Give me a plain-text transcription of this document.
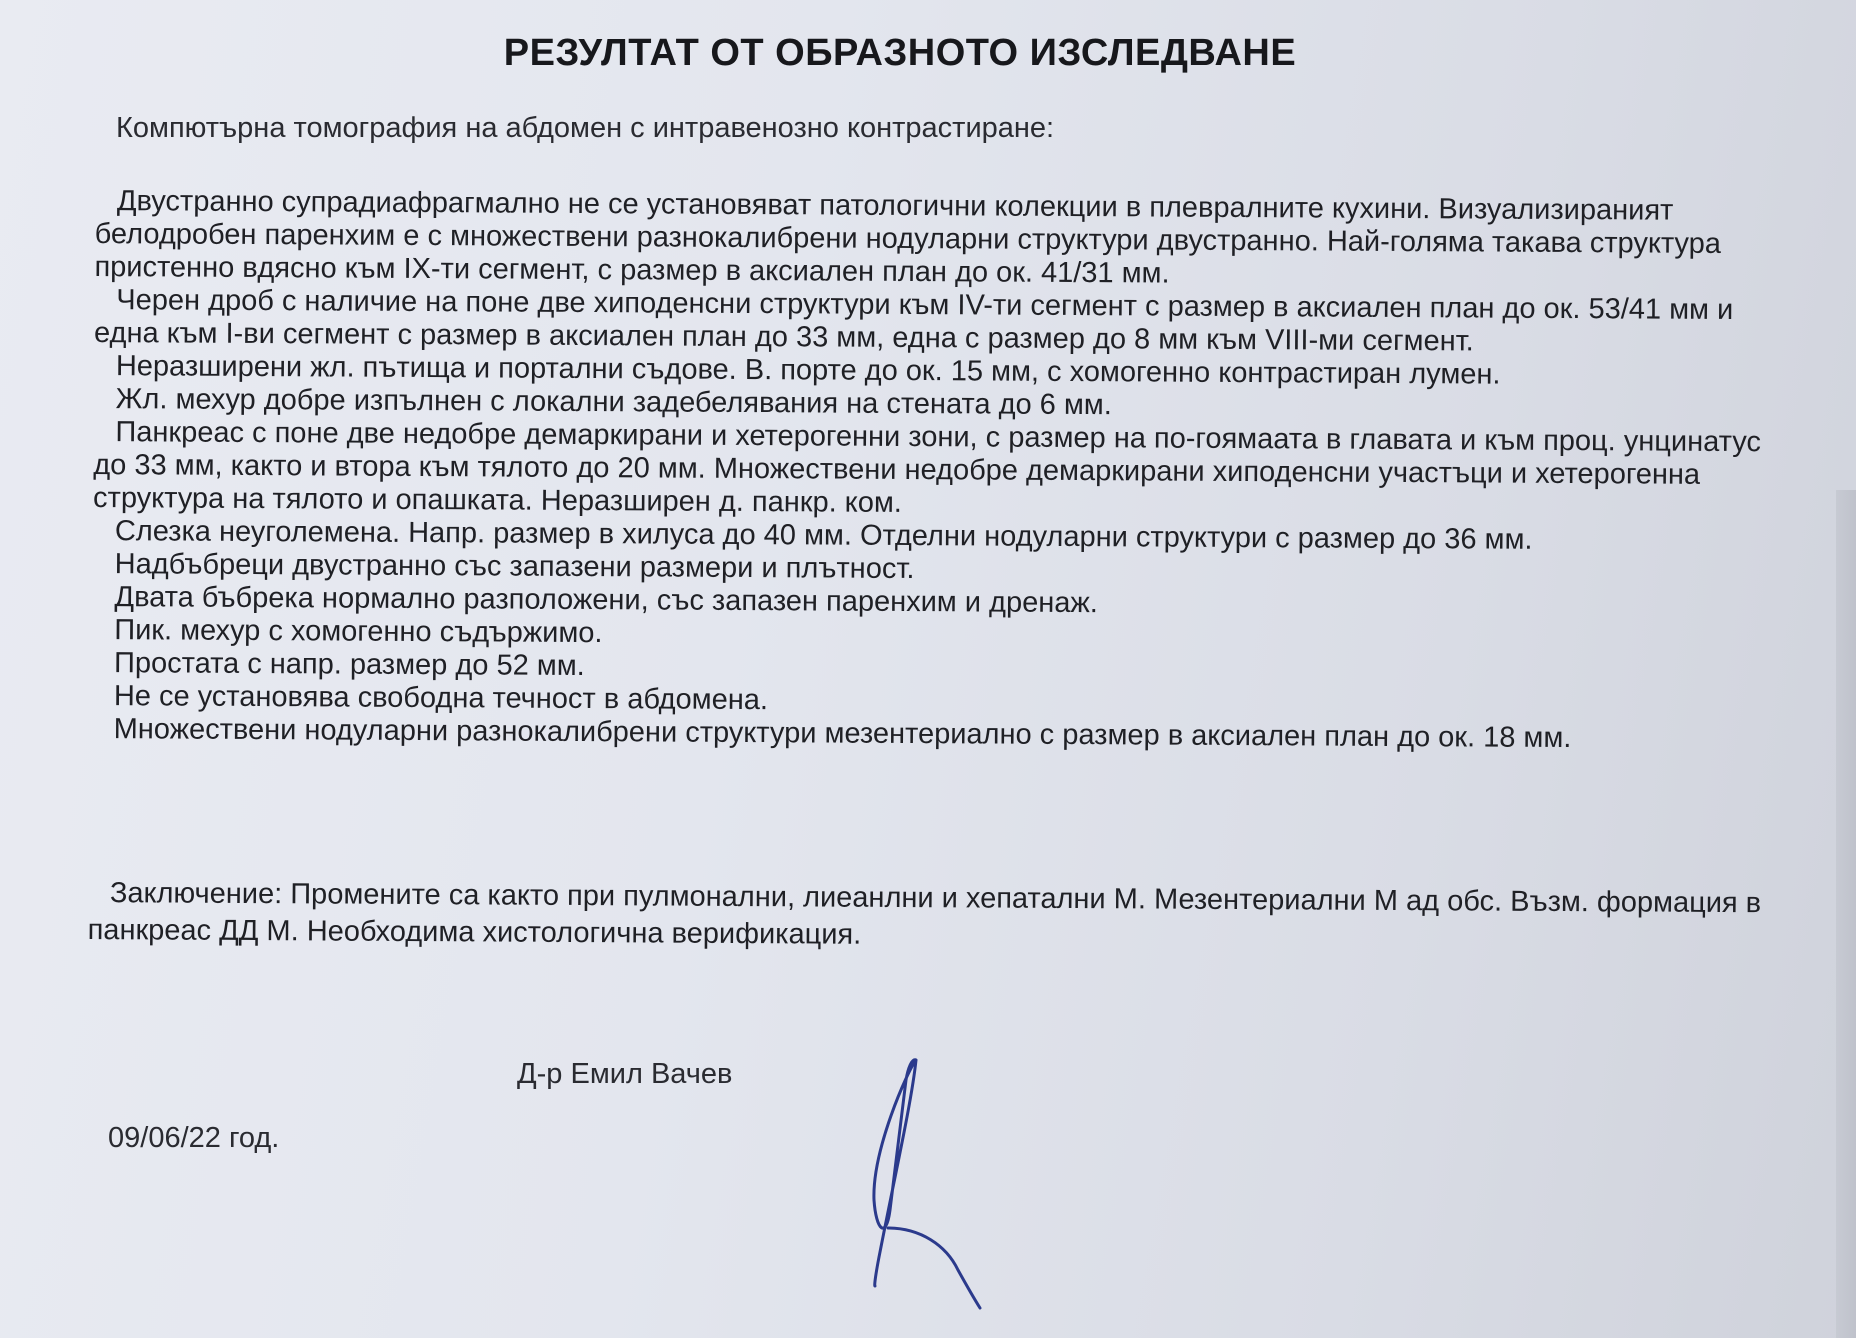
РЕЗУЛТАТ ОТ ОБРАЗНОТО ИЗСЛЕДВАНЕ
Компютърна томография на абдомен с интравенозно контрастиране:

Двустранно супрадиафрагмално не се установяват патологични колекции в плевралните кухини. Визуализираният белодробен паренхим е с множествени разнокалибрени нодуларни структури двустранно. Най-голяма такава структура пристенно вдясно към IX-ти сегмент, с размер в аксиален план до ок. 41/31 мм.

Черен дроб с наличие на поне две хиподенсни структури към IV-ти сегмент с размер в аксиален план до ок. 53/41 мм и една към I-ви сегмент с размер в аксиален план до 33 мм, една с размер до 8 мм към VIII-ми сегмент.

Неразширени жл. пътища и портални съдове. В. порте до ок. 15 мм, с хомогенно контрастиран лумен.

Жл. мехур добре изпълнен с локални задебелявания на стената до 6 мм.

Панкреас с поне две недобре демаркирани и хетерогенни зони, с размер на по-гоямаата в главата и към проц. унцинатус до 33 мм, както и втора към тялото до 20 мм. Множествени недобре демаркирани хиподенсни участъци и хетерогенна структура на тялото и опашката. Неразширен д. панкр. ком.

Слезка неуголемена. Напр. размер в хилуса до 40 мм. Отделни нодуларни структури с размер до 36 мм.

Надбъбреци двустранно със запазени размери и плътност.

Двата бъбрека нормално разположени, със запазен паренхим и дренаж.

Пик. мехур с хомогенно съдържимо.

Простата с напр. размер до 52 мм.

Не се установява свободна течност в абдомена.

Множествени нодуларни разнокалибрени структури мезентериално с размер в аксиален план до ок. 18 мм.

Заключение: Промените са както при пулмонални, лиеанлни и хепатални М. Мезентериални М ад обс. Възм. формация в панкреас ДД М. Необходима хистологична верификация.
Д-р Емил Вачев
09/06/22 год.
